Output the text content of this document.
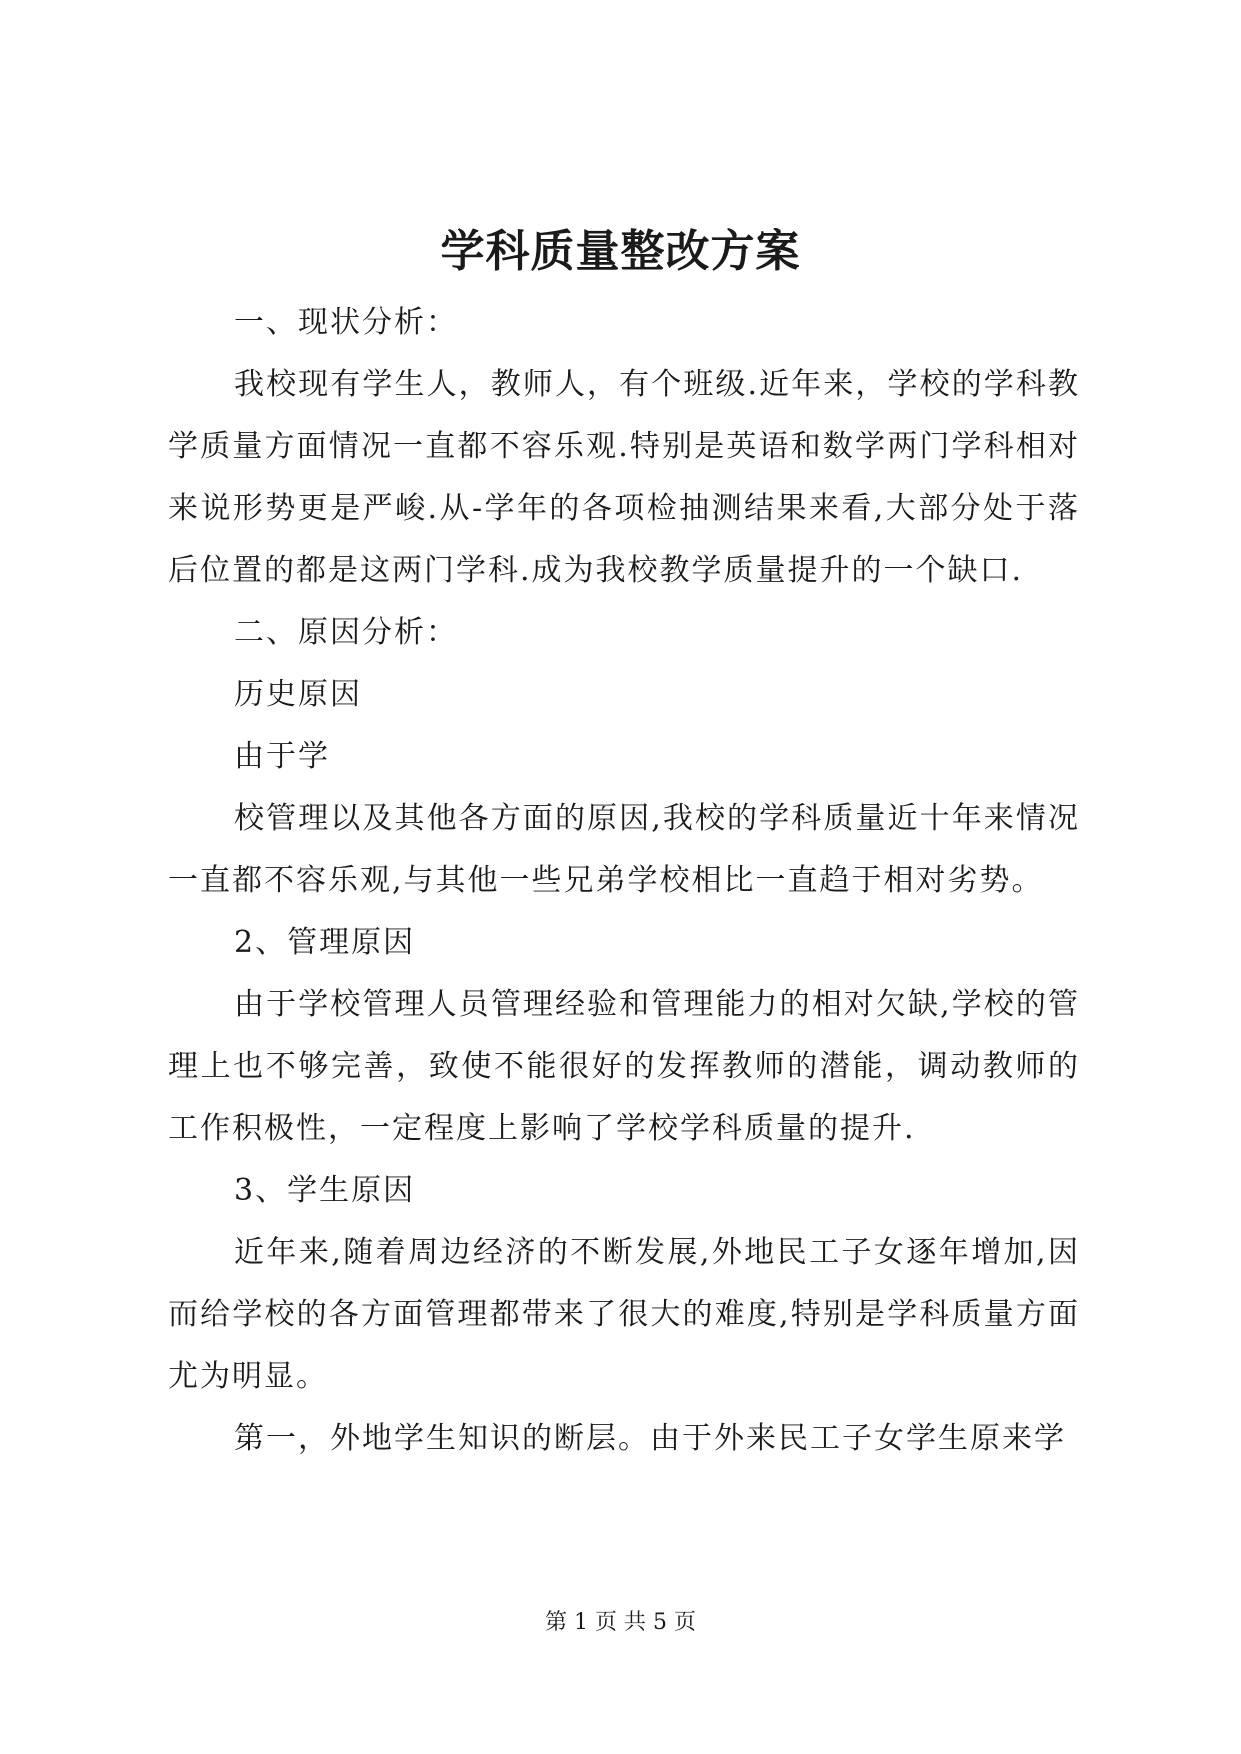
学科质量整改方案

一、现状分析：

我校现有学生人，教师人，有个班级.近年来，学校的学科教学质量方面情况一直都不容乐观.特别是英语和数学两门学科相对来说形势更是严峻.从-学年的各项检抽测结果来看,大部分处于落后位置的都是这两门学科.成为我校教学质量提升的一个缺口.

二、原因分析：

历史原因

由于学

校管理以及其他各方面的原因,我校的学科质量近十年来情况一直都不容乐观,与其他一些兄弟学校相比一直趋于相对劣势。

2、管理原因

由于学校管理人员管理经验和管理能力的相对欠缺,学校的管理上也不够完善，致使不能很好的发挥教师的潜能，调动教师的工作积极性，一定程度上影响了学校学科质量的提升.

3、学生原因

近年来,随着周边经济的不断发展,外地民工子女逐年增加,因而给学校的各方面管理都带来了很大的难度,特别是学科质量方面尤为明显。

第一，外地学生知识的断层。由于外来民工子女学生原来学

第 1 页 共 5 页
